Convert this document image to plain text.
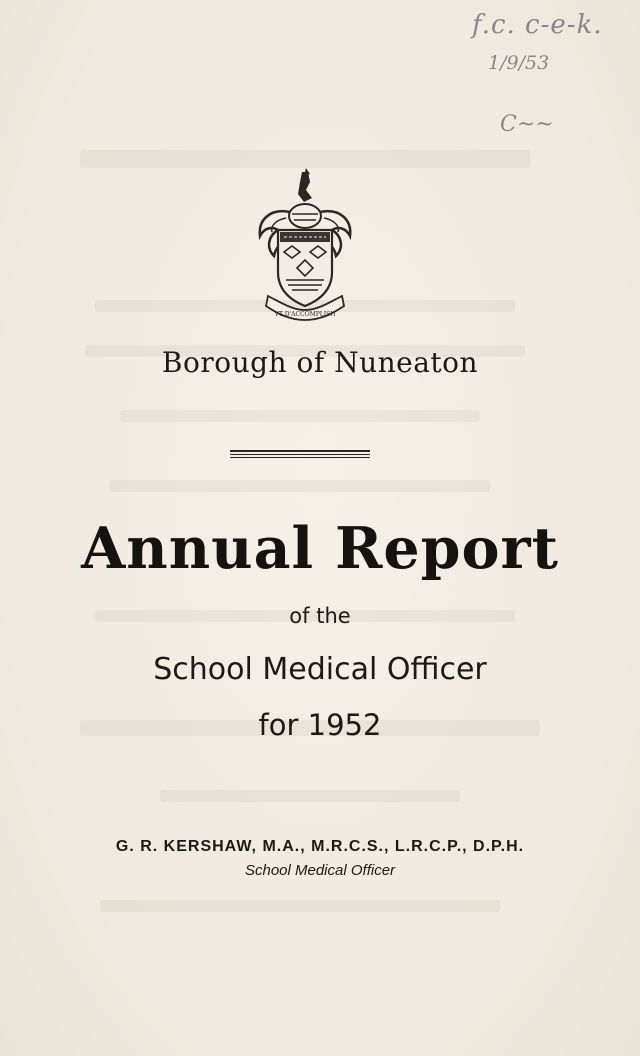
f.c. c-e-k.
1/9/53
C~~
VT D'ACCOMPLISH
Borough of Nuneaton
Annual Report
of the
School Medical Officer
for 1952
G. R. KERSHAW, M.A., M.R.C.S., L.R.C.P., D.P.H.
School Medical Officer
